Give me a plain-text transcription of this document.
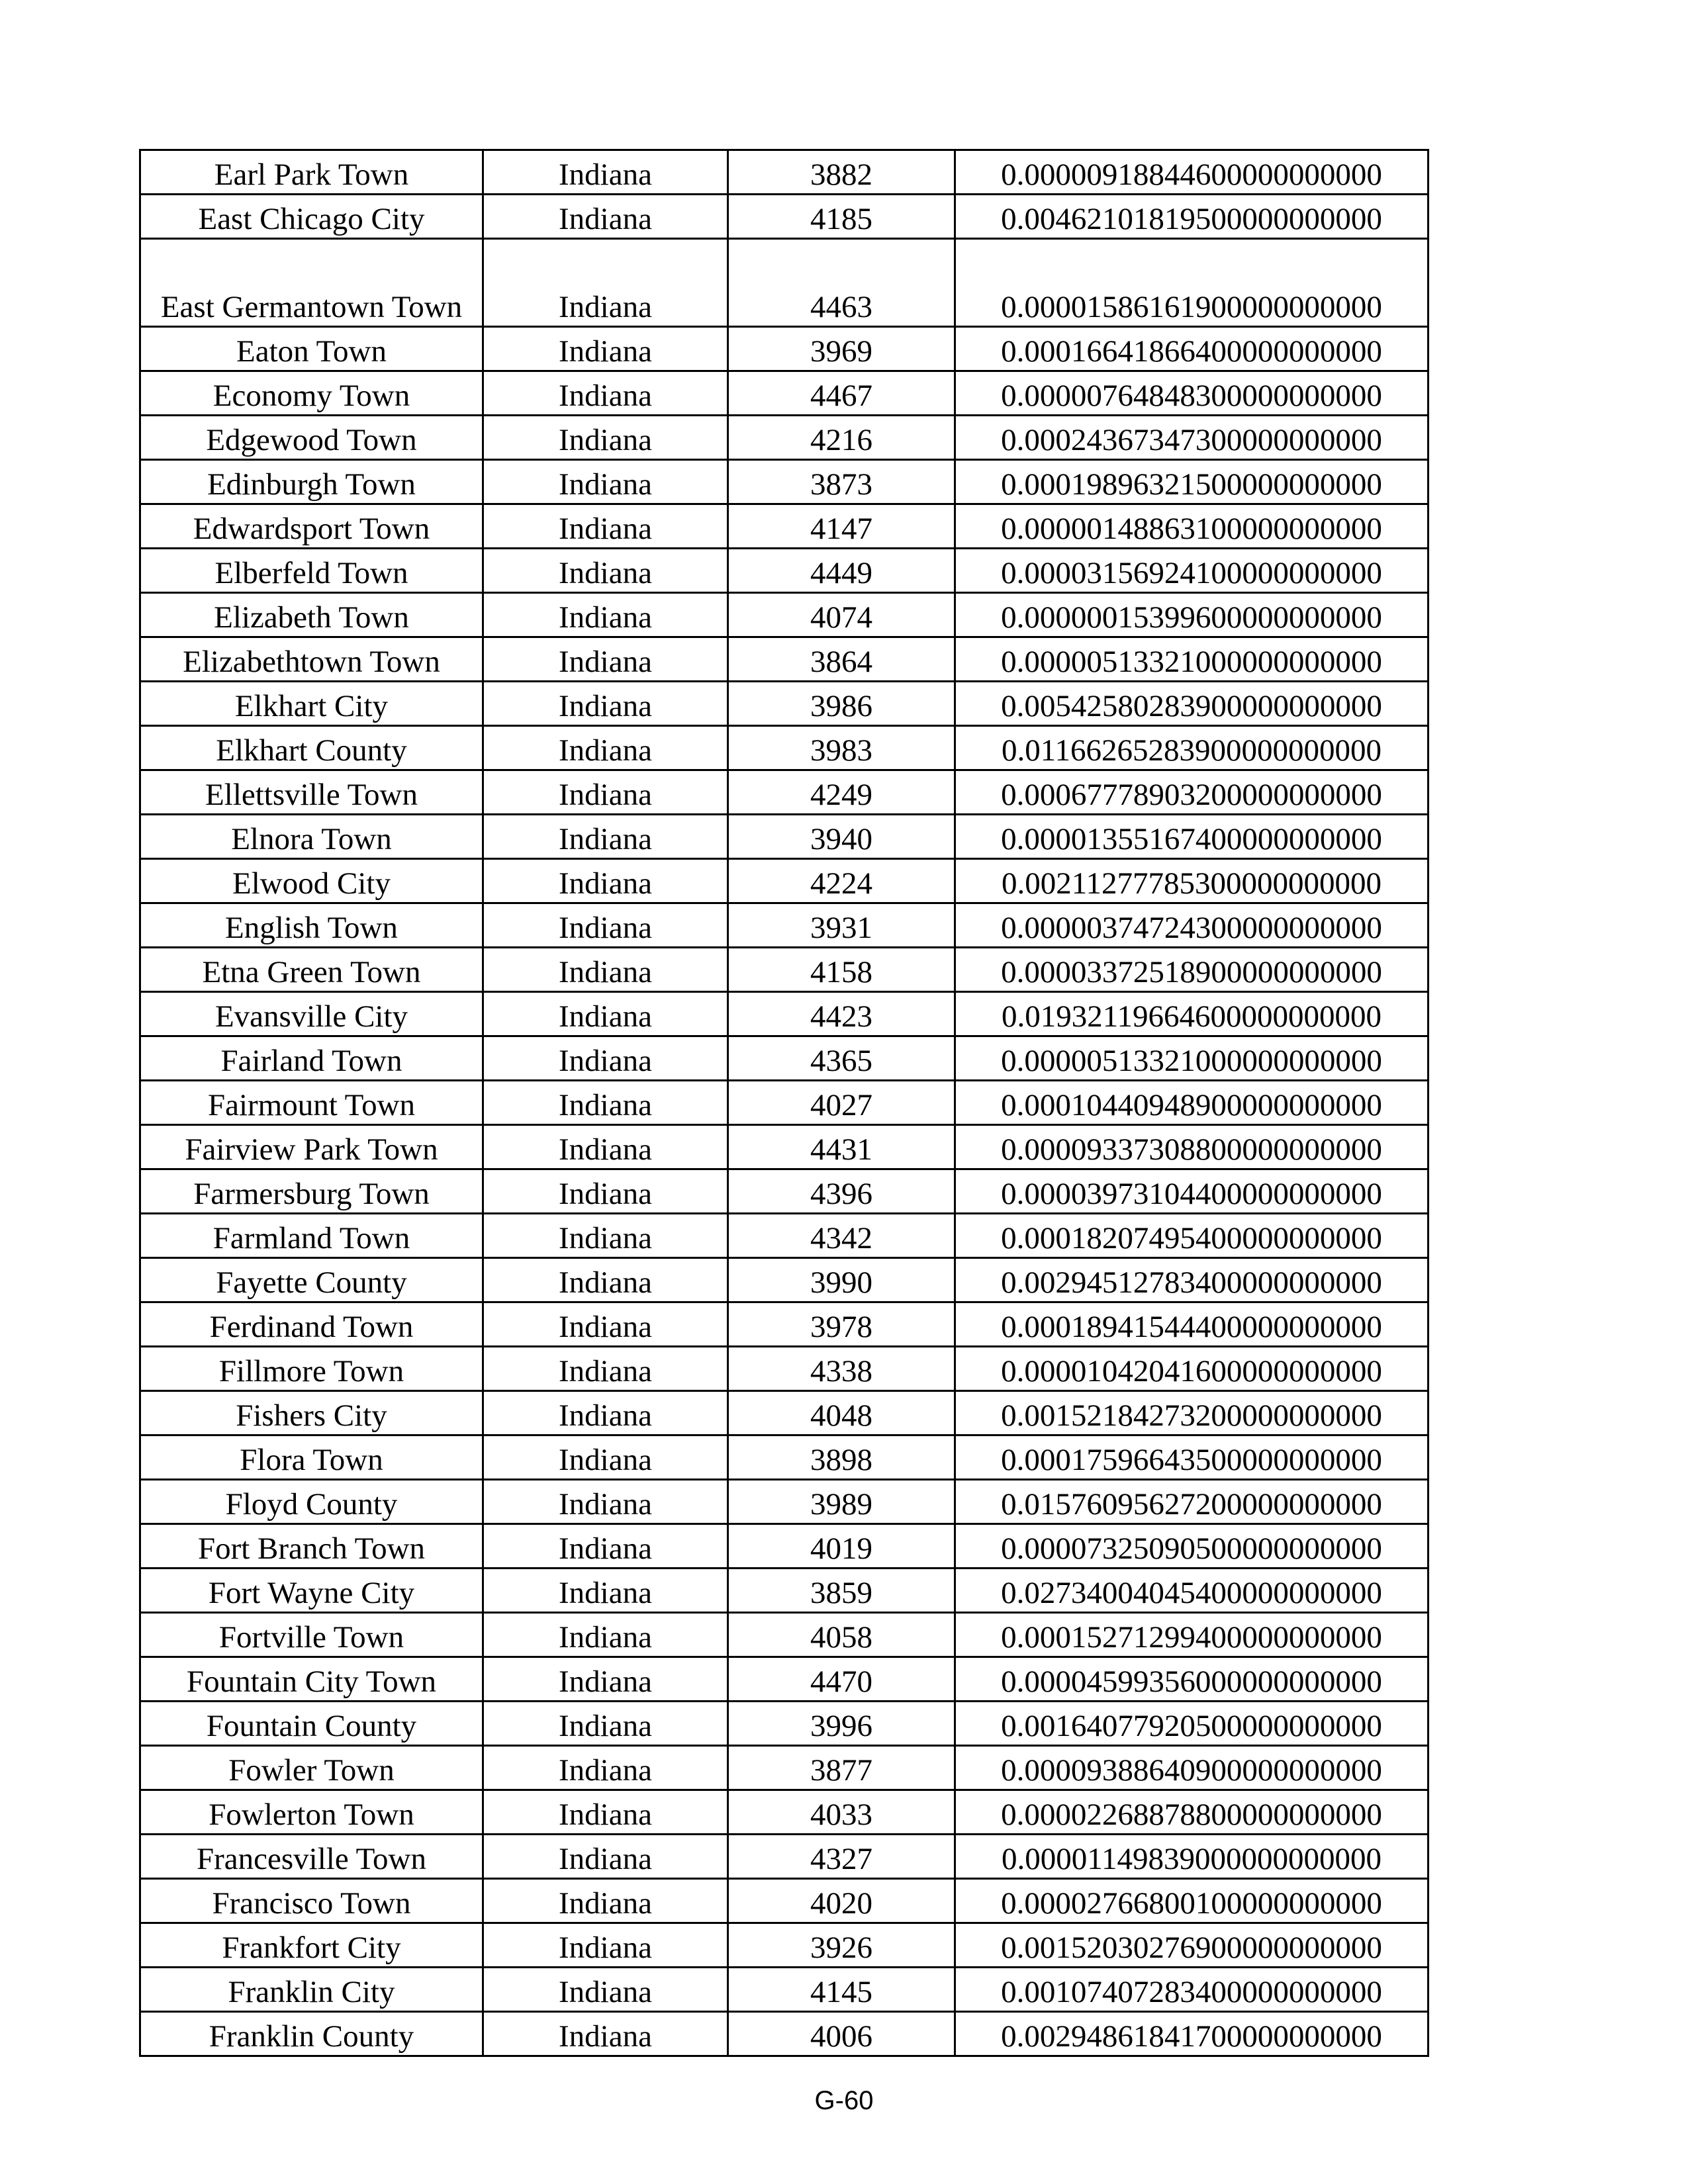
Earl Park Town	Indiana	3882	0.00000918844600000000000
East Chicago City	Indiana	4185	0.00462101819500000000000
East Germantown Town	Indiana	4463	0.00001586161900000000000
Eaton Town	Indiana	3969	0.00016641866400000000000
Economy Town	Indiana	4467	0.00000764848300000000000
Edgewood Town	Indiana	4216	0.00024367347300000000000
Edinburgh Town	Indiana	3873	0.00019896321500000000000
Edwardsport Town	Indiana	4147	0.00000148863100000000000
Elberfeld Town	Indiana	4449	0.00003156924100000000000
Elizabeth Town	Indiana	4074	0.00000015399600000000000
Elizabethtown Town	Indiana	3864	0.00000513321000000000000
Elkhart City	Indiana	3986	0.00542580283900000000000
Elkhart County	Indiana	3983	0.01166265283900000000000
Ellettsville Town	Indiana	4249	0.00067778903200000000000
Elnora Town	Indiana	3940	0.00001355167400000000000
Elwood City	Indiana	4224	0.00211277785300000000000
English Town	Indiana	3931	0.00000374724300000000000
Etna Green Town	Indiana	4158	0.00003372518900000000000
Evansville City	Indiana	4423	0.01932119664600000000000
Fairland Town	Indiana	4365	0.00000513321000000000000
Fairmount Town	Indiana	4027	0.00010440948900000000000
Fairview Park Town	Indiana	4431	0.00009337308800000000000
Farmersburg Town	Indiana	4396	0.00003973104400000000000
Farmland Town	Indiana	4342	0.00018207495400000000000
Fayette County	Indiana	3990	0.00294512783400000000000
Ferdinand Town	Indiana	3978	0.00018941544400000000000
Fillmore Town	Indiana	4338	0.00001042041600000000000
Fishers City	Indiana	4048	0.00152184273200000000000
Flora Town	Indiana	3898	0.00017596643500000000000
Floyd County	Indiana	3989	0.01576095627200000000000
Fort Branch Town	Indiana	4019	0.00007325090500000000000
Fort Wayne City	Indiana	3859	0.02734004045400000000000
Fortville Town	Indiana	4058	0.00015271299400000000000
Fountain City Town	Indiana	4470	0.00004599356000000000000
Fountain County	Indiana	3996	0.00164077920500000000000
Fowler Town	Indiana	3877	0.00009388640900000000000
Fowlerton Town	Indiana	4033	0.00002268878800000000000
Francesville Town	Indiana	4327	0.00001149839000000000000
Francisco Town	Indiana	4020	0.00002766800100000000000
Frankfort City	Indiana	3926	0.00152030276900000000000
Franklin City	Indiana	4145	0.00107407283400000000000
Franklin County	Indiana	4006	0.00294861841700000000000
G-60
